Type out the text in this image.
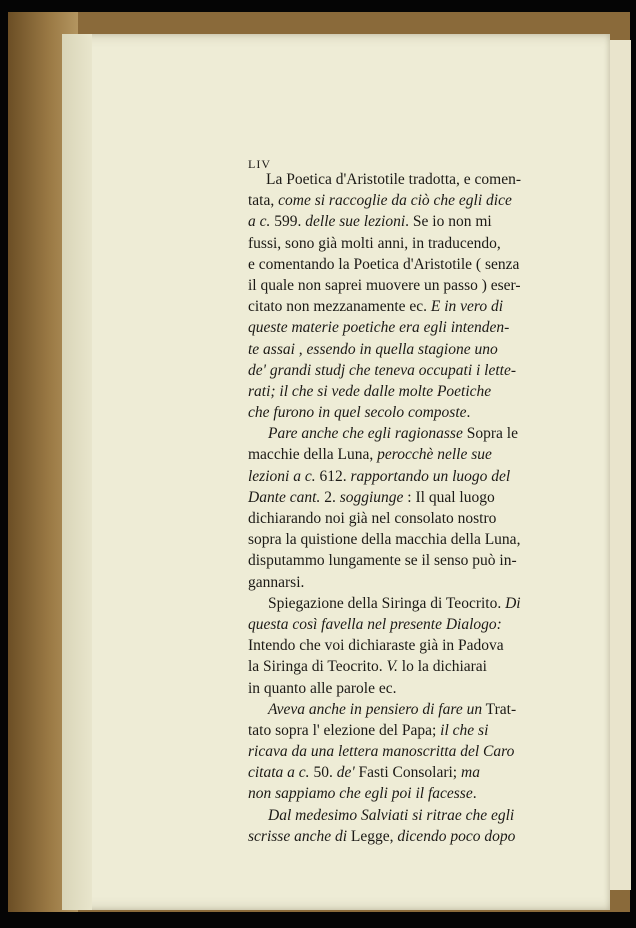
LIV
La Poetica d'Aristotile tradotta, e comen-
tata, come si raccoglie da ciò che egli dice
a c. 599. delle sue lezioni. Se io non mi
fussi, sono già molti anni, in traducendo,
e comentando la Poetica d'Aristotile ( senza
il quale non saprei muovere un passo ) eser-
citato non mezzanamente ec. E in vero di
queste materie poetiche era egli intenden-
te assai , essendo in quella stagione uno
de' grandi studj che teneva occupati i lette-
rati; il che si vede dalle molte Poetiche
che furono in quel secolo composte.
Pare anche che egli ragionasse Sopra le
macchie della Luna, perocchè nelle sue
lezioni a c. 612. rapportando un luogo del
Dante cant. 2. soggiunge : Il qual luogo
dichiarando noi già nel consolato nostro
sopra la quistione della macchia della Luna,
disputammo lungamente se il senso può in-
gannarsi.
Spiegazione della Siringa di Teocrito. Di
questa così favella nel presente Dialogo:
Intendo che voi dichiaraste già in Padova
la Siringa di Teocrito. V. lo la dichiarai
in quanto alle parole ec.
Aveva anche in pensiero di fare un Trat-
tato sopra l' elezione del Papa; il che si
ricava da una lettera manoscritta del Caro
citata a c. 50. de' Fasti Consolari; ma
non sappiamo che egli poi il facesse.
Dal medesimo Salviati si ritrae che egli
scrisse anche di Legge, dicendo poco dopo
